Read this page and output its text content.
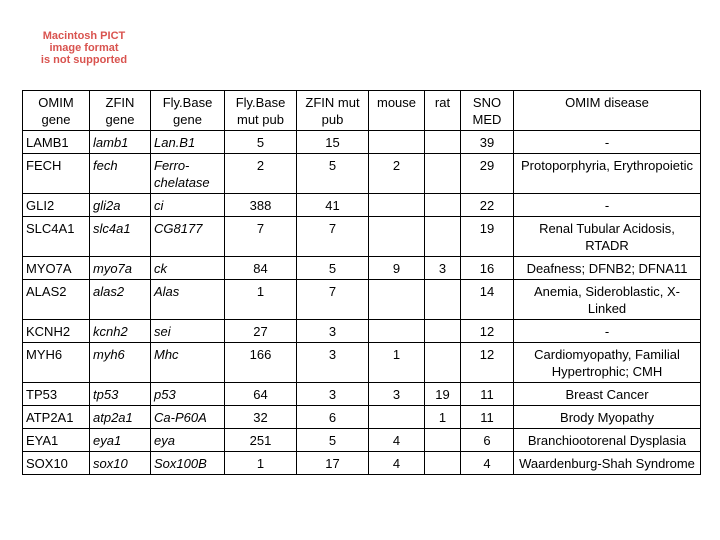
Macintosh PICT
image format
is not supported
OMIM gene	ZFIN gene	Fly.Base gene	Fly.Base mut pub	ZFIN mut pub	mouse	rat	SNO MED	OMIM disease
LAMB1	lamb1	Lan.B1	5	15			39	-
FECH	fech	Ferro-chelatase	2	5	2		29	Protoporphyria, Erythropoietic
GLI2	gli2a	ci	388	41			22	-
SLC4A1	slc4a1	CG8177	7	7			19	Renal Tubular Acidosis, RTADR
MYO7A	myo7a	ck	84	5	9	3	16	Deafness; DFNB2; DFNA11
ALAS2	alas2	Alas	1	7			14	Anemia, Sideroblastic, X-Linked
KCNH2	kcnh2	sei	27	3			12	-
MYH6	myh6	Mhc	166	3	1		12	Cardiomyopathy, Familial Hypertrophic; CMH
TP53	tp53	p53	64	3	3	19	11	Breast Cancer
ATP2A1	atp2a1	Ca-P60A	32	6		1	11	Brody Myopathy
EYA1	eya1	eya	251	5	4		6	Branchiootorenal Dysplasia
SOX10	sox10	Sox100B	1	17	4		4	Waardenburg-Shah Syndrome
